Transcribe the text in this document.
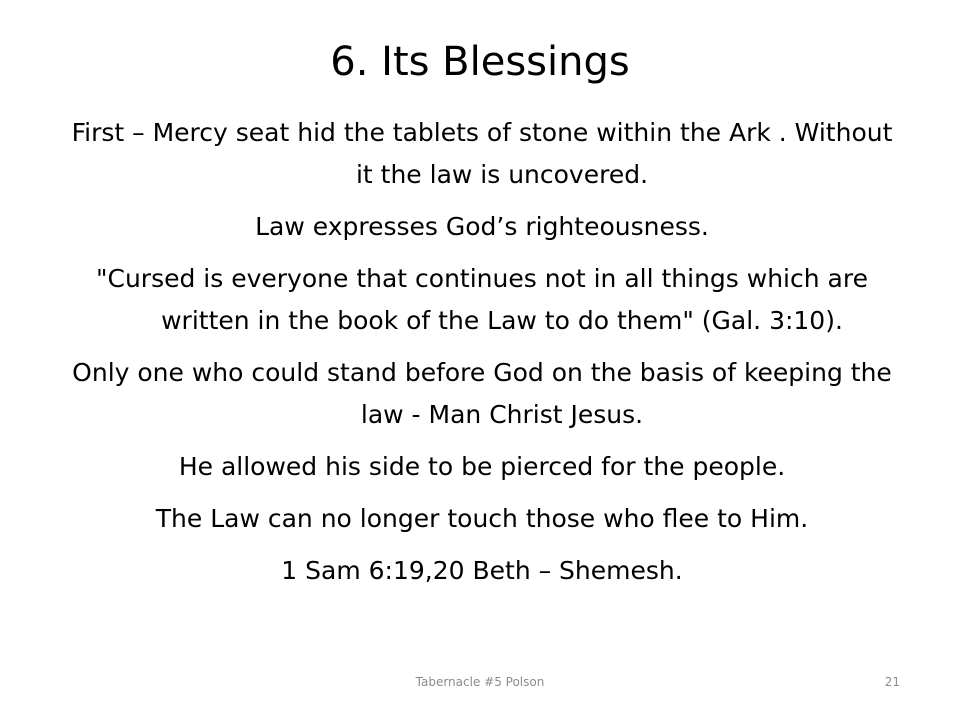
6. Its Blessings

First – Mercy seat hid the tablets of stone within the Ark . Without it the law is uncovered.

Law expresses God’s righteousness.

"Cursed is everyone that continues not in all things which are written in the book of the Law to do them" (Gal. 3:10).

Only one who could stand before God on the basis of keeping the law - Man Christ Jesus.

He allowed his side to be pierced for the people.

The Law can no longer touch those who flee to Him.

1 Sam 6:19,20 Beth – Shemesh.

Tabernacle #5 Polson	21
